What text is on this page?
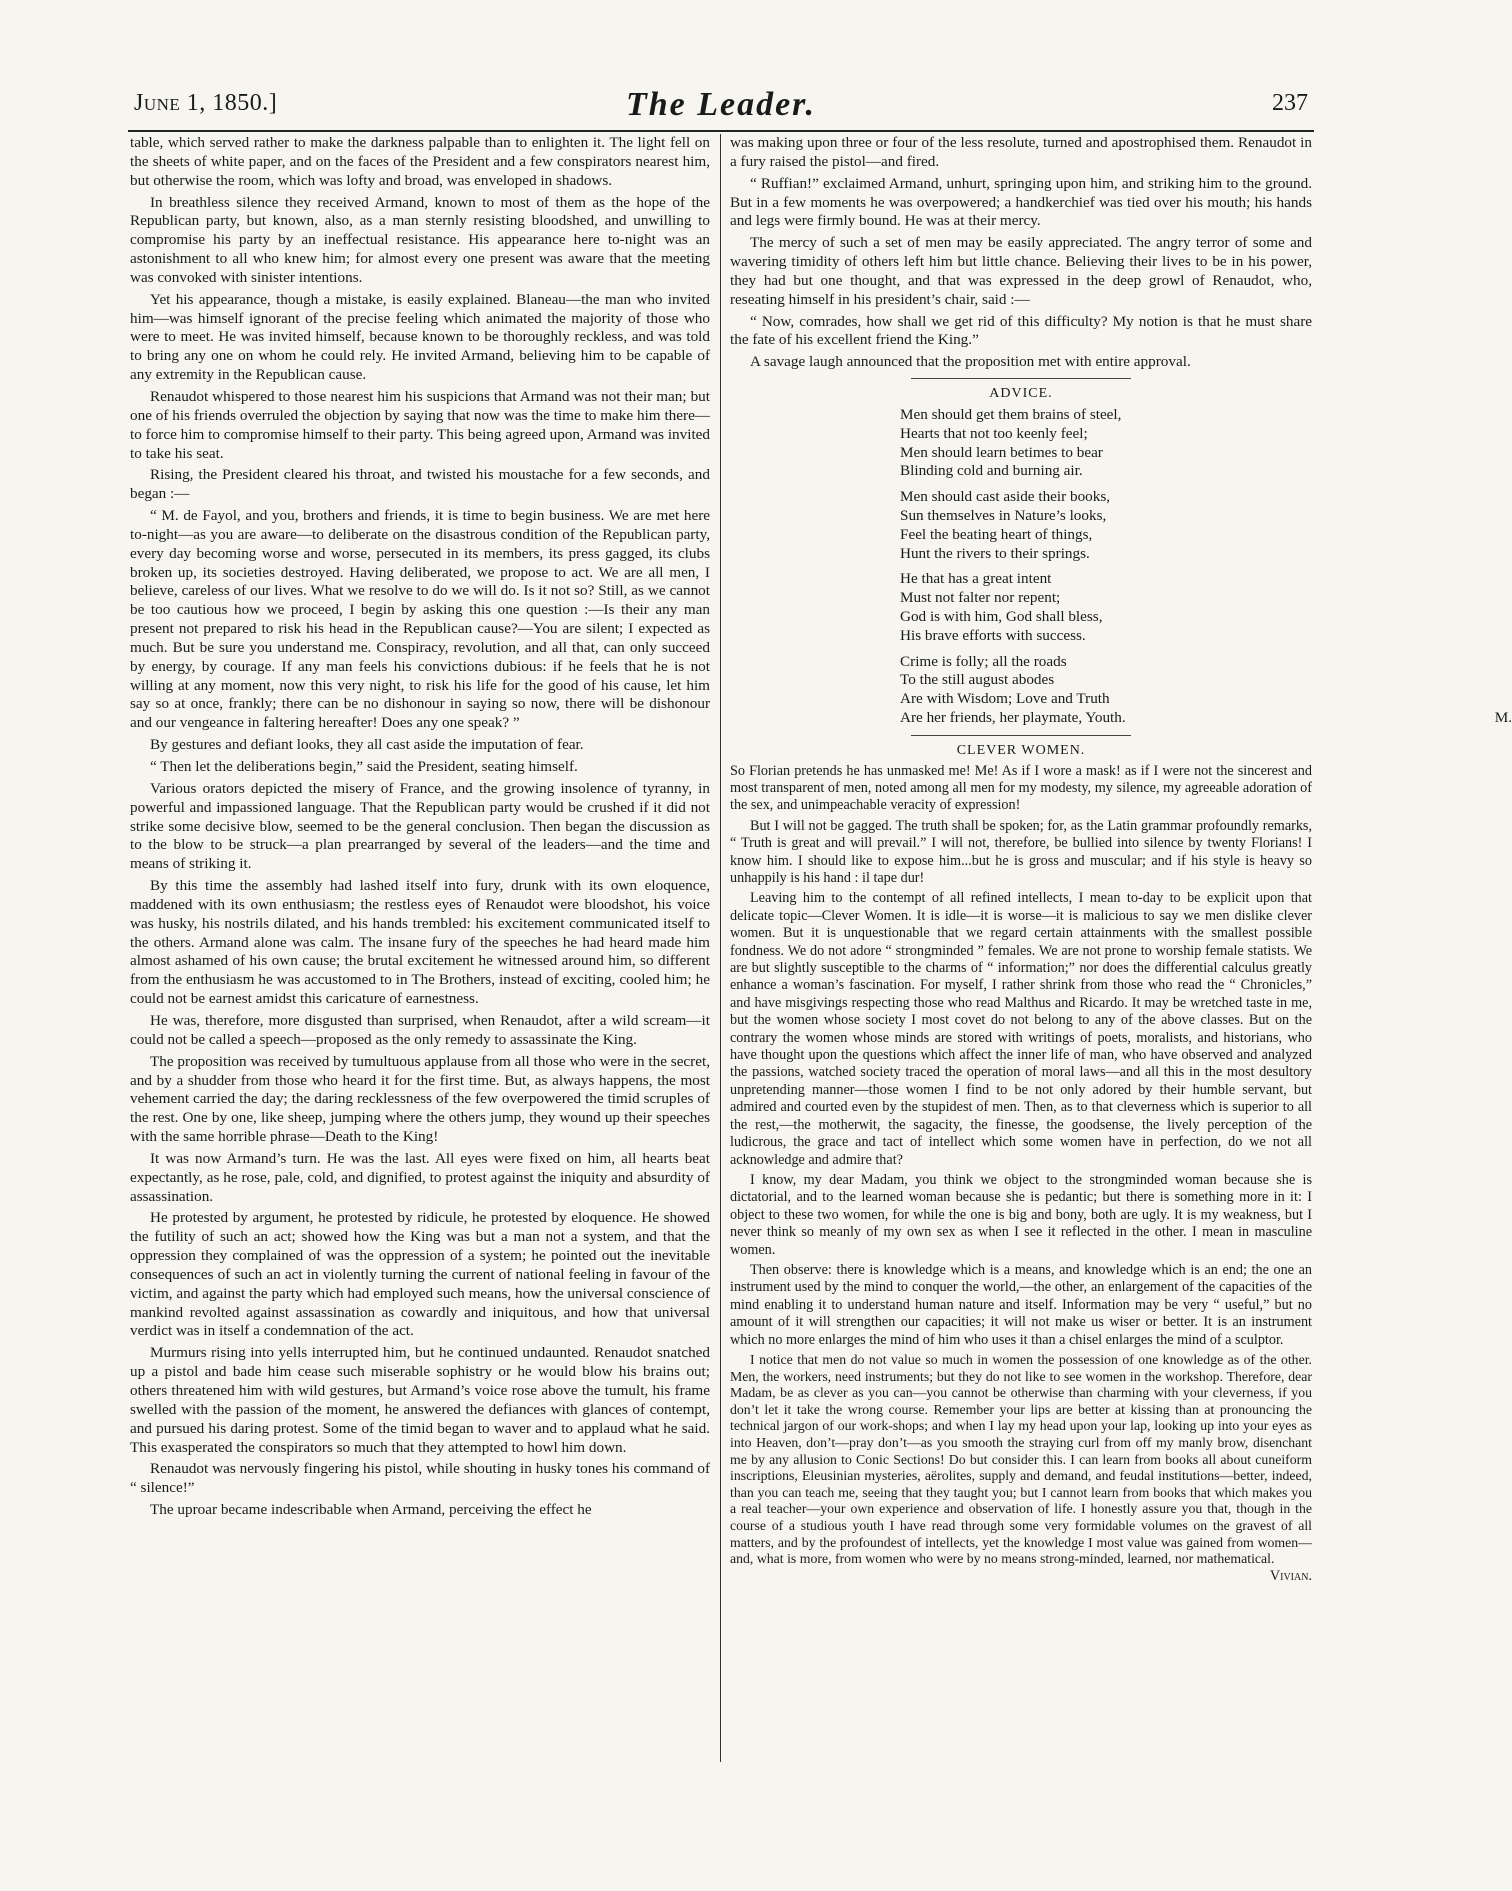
June 1, 1850.]	The Leader.	237

table, which served rather to make the darkness palpable than to enlighten it. The light fell on the sheets of white paper, and on the faces of the President and a few conspirators nearest him, but otherwise the room, which was lofty and broad, was enveloped in shadows.

In breathless silence they received Armand, known to most of them as the hope of the Republican party, but known, also, as a man sternly resisting bloodshed, and unwilling to compromise his party by an ineffectual resistance. His appearance here to-night was an astonishment to all who knew him; for almost every one present was aware that the meeting was convoked with sinister intentions.

Yet his appearance, though a mistake, is easily explained. Blaneau—the man who invited him—was himself ignorant of the precise feeling which animated the majority of those who were to meet. He was invited himself, because known to be thoroughly reckless, and was told to bring any one on whom he could rely. He invited Armand, believing him to be capable of any extremity in the Republican cause.

Renaudot whispered to those nearest him his suspicions that Armand was not their man; but one of his friends overruled the objection by saying that now was the time to make him there—to force him to compromise himself to their party. This being agreed upon, Armand was invited to take his seat.

Rising, the President cleared his throat, and twisted his moustache for a few seconds, and began :—

“ M. de Fayol, and you, brothers and friends, it is time to begin business. We are met here to-night—as you are aware—to deliberate on the disastrous condition of the Republican party, every day becoming worse and worse, persecuted in its members, its press gagged, its clubs broken up, its societies destroyed. Having deliberated, we propose to act. We are all men, I believe, careless of our lives. What we resolve to do we will do. Is it not so? Still, as we cannot be too cautious how we proceed, I begin by asking this one question :—Is their any man present not prepared to risk his head in the Republican cause?—You are silent; I expected as much. But be sure you understand me. Conspiracy, revolution, and all that, can only succeed by energy, by courage. If any man feels his convictions dubious: if he feels that he is not willing at any moment, now this very night, to risk his life for the good of his cause, let him say so at once, frankly; there can be no dishonour in saying so now, there will be dishonour and our vengeance in faltering hereafter! Does any one speak? ”

By gestures and defiant looks, they all cast aside the imputation of fear.

“ Then let the deliberations begin,” said the President, seating himself.

Various orators depicted the misery of France, and the growing insolence of tyranny, in powerful and impassioned language. That the Republican party would be crushed if it did not strike some decisive blow, seemed to be the general conclusion. Then began the discussion as to the blow to be struck—a plan prearranged by several of the leaders—and the time and means of striking it.

By this time the assembly had lashed itself into fury, drunk with its own eloquence, maddened with its own enthusiasm; the restless eyes of Renaudot were bloodshot, his voice was husky, his nostrils dilated, and his hands trembled: his excitement communicated itself to the others. Armand alone was calm. The insane fury of the speeches he had heard made him almost ashamed of his own cause; the brutal excitement he witnessed around him, so different from the enthusiasm he was accustomed to in The Brothers, instead of exciting, cooled him; he could not be earnest amidst this caricature of earnestness.

He was, therefore, more disgusted than surprised, when Renaudot, after a wild scream—it could not be called a speech—proposed as the only remedy to assassinate the King.

The proposition was received by tumultuous applause from all those who were in the secret, and by a shudder from those who heard it for the first time. But, as always happens, the most vehement carried the day; the daring recklessness of the few overpowered the timid scruples of the rest. One by one, like sheep, jumping where the others jump, they wound up their speeches with the same horrible phrase—Death to the King!

It was now Armand’s turn. He was the last. All eyes were fixed on him, all hearts beat expectantly, as he rose, pale, cold, and dignified, to protest against the iniquity and absurdity of assassination.

He protested by argument, he protested by ridicule, he protested by eloquence. He showed the futility of such an act; showed how the King was but a man not a system, and that the oppression they complained of was the oppression of a system; he pointed out the inevitable consequences of such an act in violently turning the current of national feeling in favour of the victim, and against the party which had employed such means, how the universal conscience of mankind revolted against assassination as cowardly and iniquitous, and how that universal verdict was in itself a condemnation of the act.

Murmurs rising into yells interrupted him, but he continued undaunted. Renaudot snatched up a pistol and bade him cease such miserable sophistry or he would blow his brains out; others threatened him with wild gestures, but Armand’s voice rose above the tumult, his frame swelled with the passion of the moment, he answered the defiances with glances of contempt, and pursued his daring protest. Some of the timid began to waver and to applaud what he said. This exasperated the conspirators so much that they attempted to howl him down.

Renaudot was nervously fingering his pistol, while shouting in husky tones his command of “ silence!”

The uproar became indescribable when Armand, perceiving the effect he

was making upon three or four of the less resolute, turned and apostrophised them. Renaudot in a fury raised the pistol—and fired.

“ Ruffian!” exclaimed Armand, unhurt, springing upon him, and striking him to the ground. But in a few moments he was overpowered; a handkerchief was tied over his mouth; his hands and legs were firmly bound. He was at their mercy.

The mercy of such a set of men may be easily appreciated. The angry terror of some and wavering timidity of others left him but little chance. Believing their lives to be in his power, they had but one thought, and that was expressed in the deep growl of Renaudot, who, reseating himself in his president’s chair, said :—

“ Now, comrades, how shall we get rid of this difficulty? My notion is that he must share the fate of his excellent friend the King.”

A savage laugh announced that the proposition met with entire approval.

ADVICE.
Men should get them brains of steel,
Hearts that not too keenly feel;
Men should learn betimes to bear
Blinding cold and burning air.
Men should cast aside their books,
Sun themselves in Nature’s looks,
Feel the beating heart of things,
Hunt the rivers to their springs.
He that has a great intent
Must not falter nor repent;
God is with him, God shall bless,
His brave efforts with success.
Crime is folly; all the roads
To the still august abodes
Are with Wisdom; Love and Truth
Are her friends, her playmate, Youth.	M.
CLEVER WOMEN.

So Florian pretends he has unmasked me! Me! As if I wore a mask! as if I were not the sincerest and most transparent of men, noted among all men for my modesty, my silence, my agreeable adoration of the sex, and unimpeachable veracity of expression!

But I will not be gagged. The truth shall be spoken; for, as the Latin grammar profoundly remarks, “ Truth is great and will prevail.” I will not, therefore, be bullied into silence by twenty Florians! I know him. I should like to expose him...but he is gross and muscular; and if his style is heavy so unhappily is his hand : il tape dur!

Leaving him to the contempt of all refined intellects, I mean to-day to be explicit upon that delicate topic—Clever Women. It is idle—it is worse—it is malicious to say we men dislike clever women. But it is unquestionable that we regard certain attainments with the smallest possible fondness. We do not adore “ strongminded ” females. We are not prone to worship female statists. We are but slightly susceptible to the charms of “ information;” nor does the differential calculus greatly enhance a woman’s fascination. For myself, I rather shrink from those who read the “ Chronicles,” and have misgivings respecting those who read Malthus and Ricardo. It may be wretched taste in me, but the women whose society I most covet do not belong to any of the above classes. But on the contrary the women whose minds are stored with writings of poets, moralists, and historians, who have thought upon the questions which affect the inner life of man, who have observed and analyzed the passions, watched society traced the operation of moral laws—and all this in the most desultory unpretending manner—those women I find to be not only adored by their humble servant, but admired and courted even by the stupidest of men. Then, as to that cleverness which is superior to all the rest,—the motherwit, the sagacity, the finesse, the goodsense, the lively perception of the ludicrous, the grace and tact of intellect which some women have in perfection, do we not all acknowledge and admire that?

I know, my dear Madam, you think we object to the strongminded woman because she is dictatorial, and to the learned woman because she is pedantic; but there is something more in it: I object to these two women, for while the one is big and bony, both are ugly. It is my weakness, but I never think so meanly of my own sex as when I see it reflected in the other. I mean in masculine women.

Then observe: there is knowledge which is a means, and knowledge which is an end; the one an instrument used by the mind to conquer the world,—the other, an enlargement of the capacities of the mind enabling it to understand human nature and itself. Information may be very “ useful,” but no amount of it will strengthen our capacities; it will not make us wiser or better. It is an instrument which no more enlarges the mind of him who uses it than a chisel enlarges the mind of a sculptor.

I notice that men do not value so much in women the possession of one knowledge as of the other. Men, the workers, need instruments; but they do not like to see women in the workshop. Therefore, dear Madam, be as clever as you can—you cannot be otherwise than charming with your cleverness, if you don’t let it take the wrong course. Remember your lips are better at kissing than at pronouncing the technical jargon of our work-shops; and when I lay my head upon your lap, looking up into your eyes as into Heaven, don’t—pray don’t—as you smooth the straying curl from off my manly brow, disenchant me by any allusion to Conic Sections! Do but consider this. I can learn from books all about cuneiform inscriptions, Eleusinian mysteries, aërolites, supply and demand, and feudal institutions—better, indeed, than you can teach me, seeing that they taught you; but I cannot learn from books that which makes you a real teacher—your own experience and observation of life. I honestly assure you that, though in the course of a studious youth I have read through some very formidable volumes on the gravest of all matters, and by the profoundest of intellects, yet the knowledge I most value was gained from women—and, what is more, from women who were by no means strong-minded, learned, nor mathematical.

Vivian.
